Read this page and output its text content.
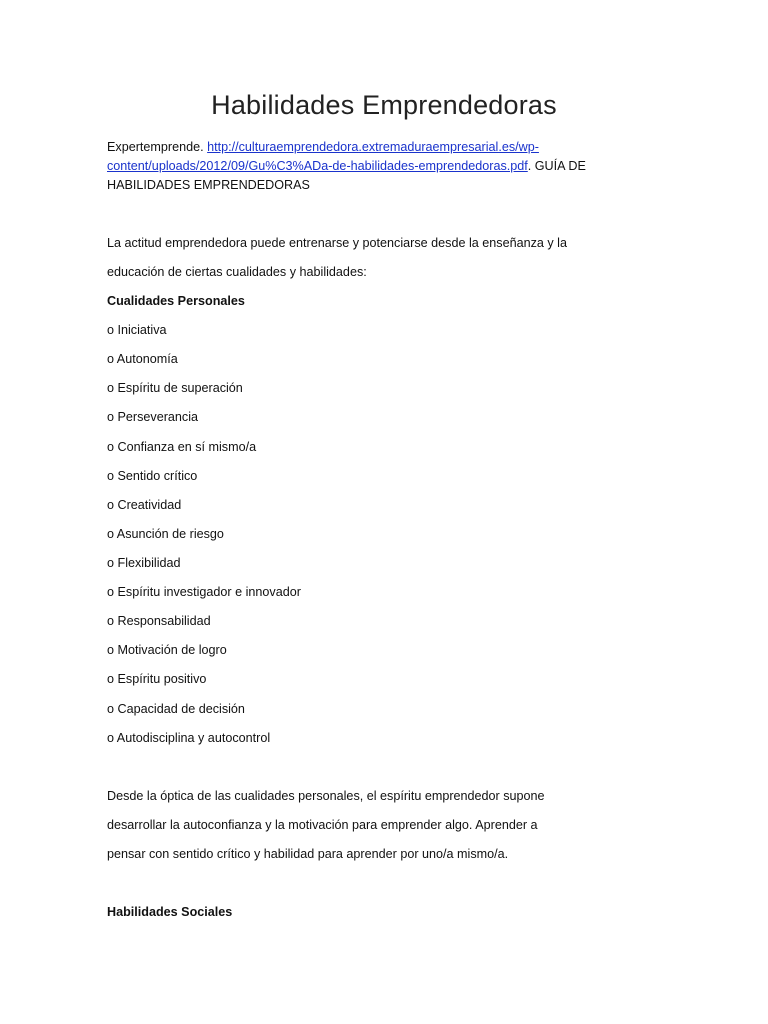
Habilidades Emprendedoras
Expertemprende. http://culturaemprendedora.extremaduraempresarial.es/wp- content/uploads/2012/09/Gu%C3%ADa-de-habilidades-emprendedoras.pdf. GUÍA DE HABILIDADES EMPRENDEDORAS
La actitud emprendedora puede entrenarse y potenciarse desde la enseñanza y la
educación de ciertas cualidades y habilidades:
Cualidades Personales
o Iniciativa
o Autonomía
o Espíritu de superación
o Perseverancia
o Confianza en sí mismo/a
o Sentido crítico
o Creatividad
o Asunción de riesgo
o Flexibilidad
o Espíritu investigador e innovador
o Responsabilidad
o Motivación de logro
o Espíritu positivo
o Capacidad de decisión
o Autodisciplina y autocontrol
Desde la óptica de las cualidades personales, el espíritu emprendedor supone
desarrollar la autoconfianza y la motivación para emprender algo. Aprender a
pensar con sentido crítico y habilidad para aprender por uno/a mismo/a.
Habilidades Sociales
